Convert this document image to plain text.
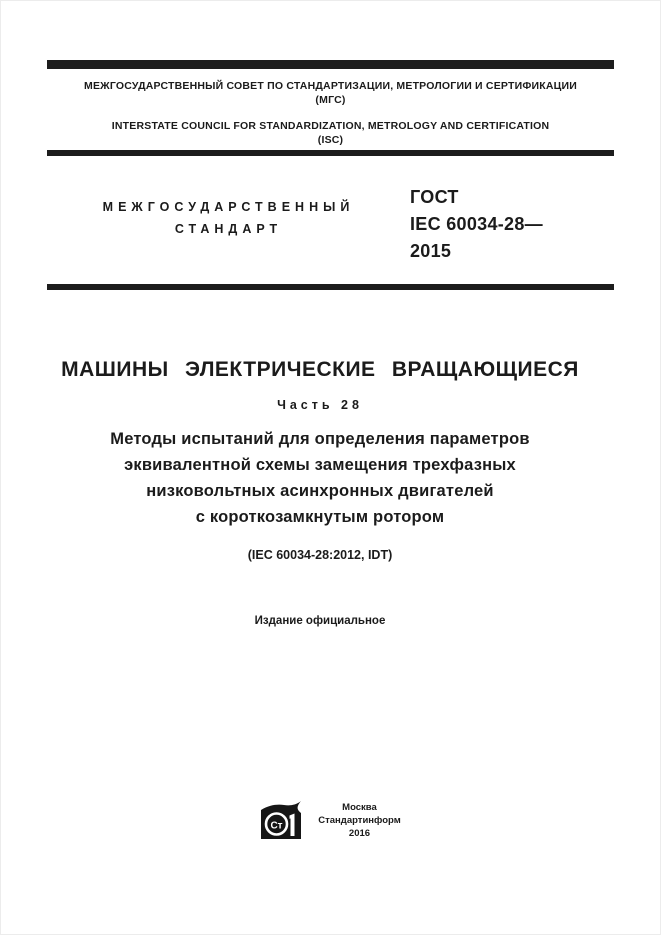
МЕЖГОСУДАРСТВЕННЫЙ СОВЕТ ПО СТАНДАРТИЗАЦИИ, МЕТРОЛОГИИ И СЕРТИФИКАЦИИ
(МГС)
INTERSTATE COUNCIL FOR STANDARDIZATION, METROLOGY AND CERTIFICATION
(ISC)
МЕЖГОСУДАРСТВЕННЫЙ
СТАНДАРТ
ГОСТ
IEC 60034-28—
2015
МАШИНЫ ЭЛЕКТРИЧЕСКИЕ ВРАЩАЮЩИЕСЯ
Часть 28
Методы испытаний для определения параметров
эквивалентной схемы замещения трехфазных
низковольтных асинхронных двигателей
с короткозамкнутым ротором
(IEC 60034-28:2012, IDT)
Издание официальное
Ст
Москва
Стандартинформ
2016
